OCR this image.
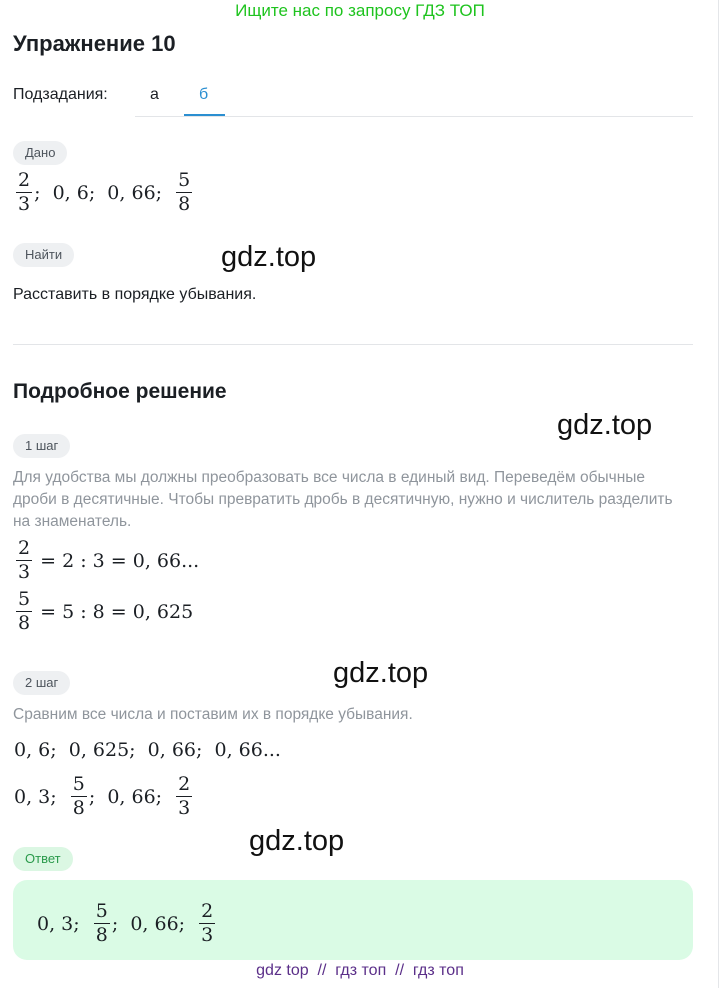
Ищите нас по запросу ГДЗ ТОП
Упражнение 10
Подзадания:	а	б
Дано
$\frac{2}{3}$ ;  0, 6;  0, 66; $\frac{5}{8}$
Найти	gdz.top
Расставить в порядке убывания.
Подробное решение
gdz.top
1 шаг
Для удобства мы должны преобразовать все числа в единый вид. Переведём обычные дроби в десятичные. Чтобы превратить дробь в десятичную, нужно и числитель разделить на знаменатель.
$\frac{2}{3} = 2$ : 3 = 0, 66...
$\frac{5}{8} = 5$ : 8 = 0, 625
gdz.top
2 шаг
Сравним все числа и поставим их в порядке убывания.
0, 6;  0, 625;  0, 66;  0, 66...
0, 3; $\frac{5}{8}$ ;  0, 66; $\frac{2}{3}$
gdz.top
Ответ
0, 3; $\frac{5}{8}$ ;  0, 66; $\frac{2}{3}$
gdz top  //  гдз топ  //  гдз топ
